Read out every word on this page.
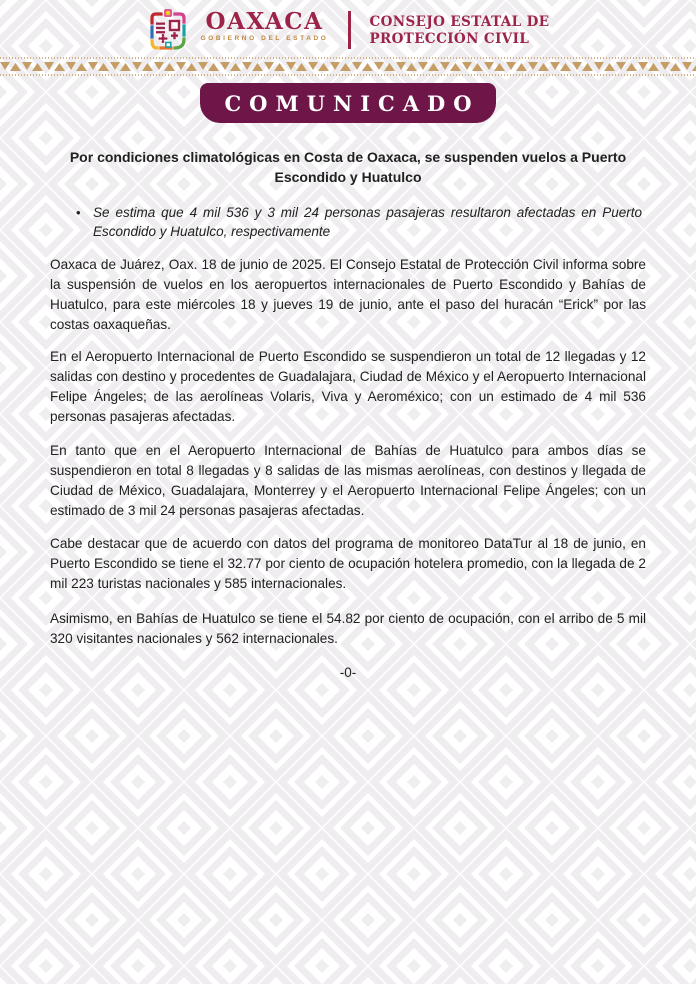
OAXACA
GOBIERNO DEL ESTADO
CONSEJO ESTATAL DE
PROTECCIÓN CIVIL
COMUNICADO
Por condiciones climatológicas en Costa de Oaxaca, se suspenden vuelos a Puerto Escondido y Huatulco
• Se estima que 4 mil 536 y 3 mil 24 personas pasajeras resultaron afectadas en Puerto Escondido y Huatulco, respectivamente

Oaxaca de Juárez, Oax. 18 de junio de 2025. El Consejo Estatal de Protección Civil informa sobre la suspensión de vuelos en los aeropuertos internacionales de Puerto Escondido y Bahías de Huatulco, para este miércoles 18 y jueves 19 de junio, ante el paso del huracán “Erick” por las costas oaxaqueñas.

En el Aeropuerto Internacional de Puerto Escondido se suspendieron un total de 12 llegadas y 12 salidas con destino y procedentes de Guadalajara, Ciudad de México y el Aeropuerto Internacional Felipe Ángeles; de las aerolíneas Volaris, Viva y Aeroméxico; con un estimado de 4 mil 536 personas pasajeras afectadas.

En tanto que en el Aeropuerto Internacional de Bahías de Huatulco para ambos días se suspendieron en total 8 llegadas y 8 salidas de las mismas aerolíneas, con destinos y llegada de Ciudad de México, Guadalajara, Monterrey y el Aeropuerto Internacional Felipe Ángeles; con un estimado de 3 mil 24 personas pasajeras afectadas.

Cabe destacar que de acuerdo con datos del programa de monitoreo DataTur al 18 de junio, en Puerto Escondido se tiene el 32.77 por ciento de ocupación hotelera promedio, con la llegada de 2 mil 223 turistas nacionales y 585 internacionales.

Asimismo, en Bahías de Huatulco se tiene el 54.82 por ciento de ocupación, con el arribo de 5 mil 320 visitantes nacionales y 562 internacionales.

-0-
